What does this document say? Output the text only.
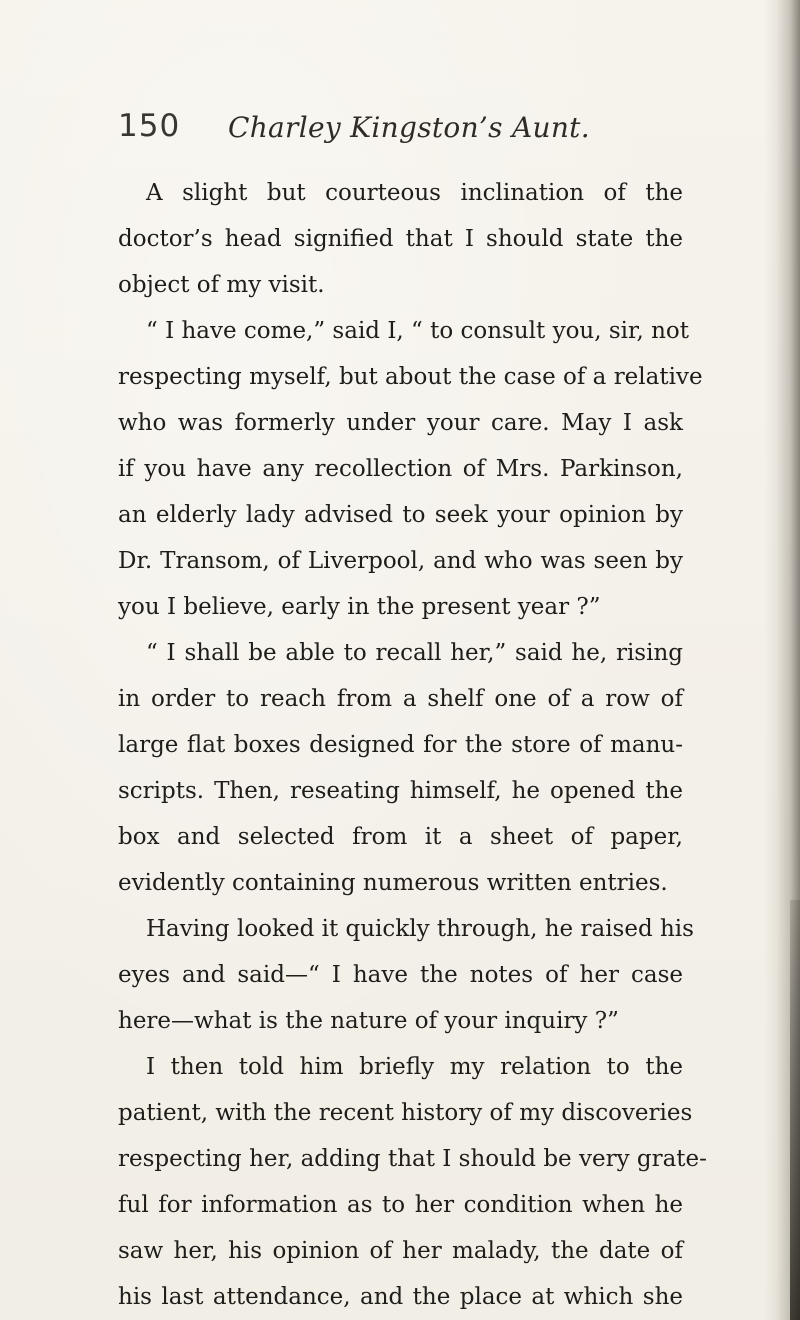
150 Charley Kingston’s Aunt.
A slight but courteous inclination of the
doctor’s head signified that I should state the
object of my visit.
“ I have come,” said I, “ to consult you, sir, not
respecting myself, but about the case of a relative
who was formerly under your care. May I ask
if you have any recollection of Mrs. Parkinson,
an elderly lady advised to seek your opinion by
Dr. Transom, of Liverpool, and who was seen by
you I believe, early in the present year ?”
“ I shall be able to recall her,” said he, rising
in order to reach from a shelf one of a row of
large flat boxes designed for the store of manu-
scripts. Then, reseating himself, he opened the
box and selected from it a sheet of paper,
evidently containing numerous written entries.
Having looked it quickly through, he raised his
eyes and said—“ I have the notes of her case
here—what is the nature of your inquiry ?”
I then told him briefly my relation to the
patient, with the recent history of my discoveries
respecting her, adding that I should be very grate-
ful for information as to her condition when he
saw her, his opinion of her malady, the date of
his last attendance, and the place at which she
